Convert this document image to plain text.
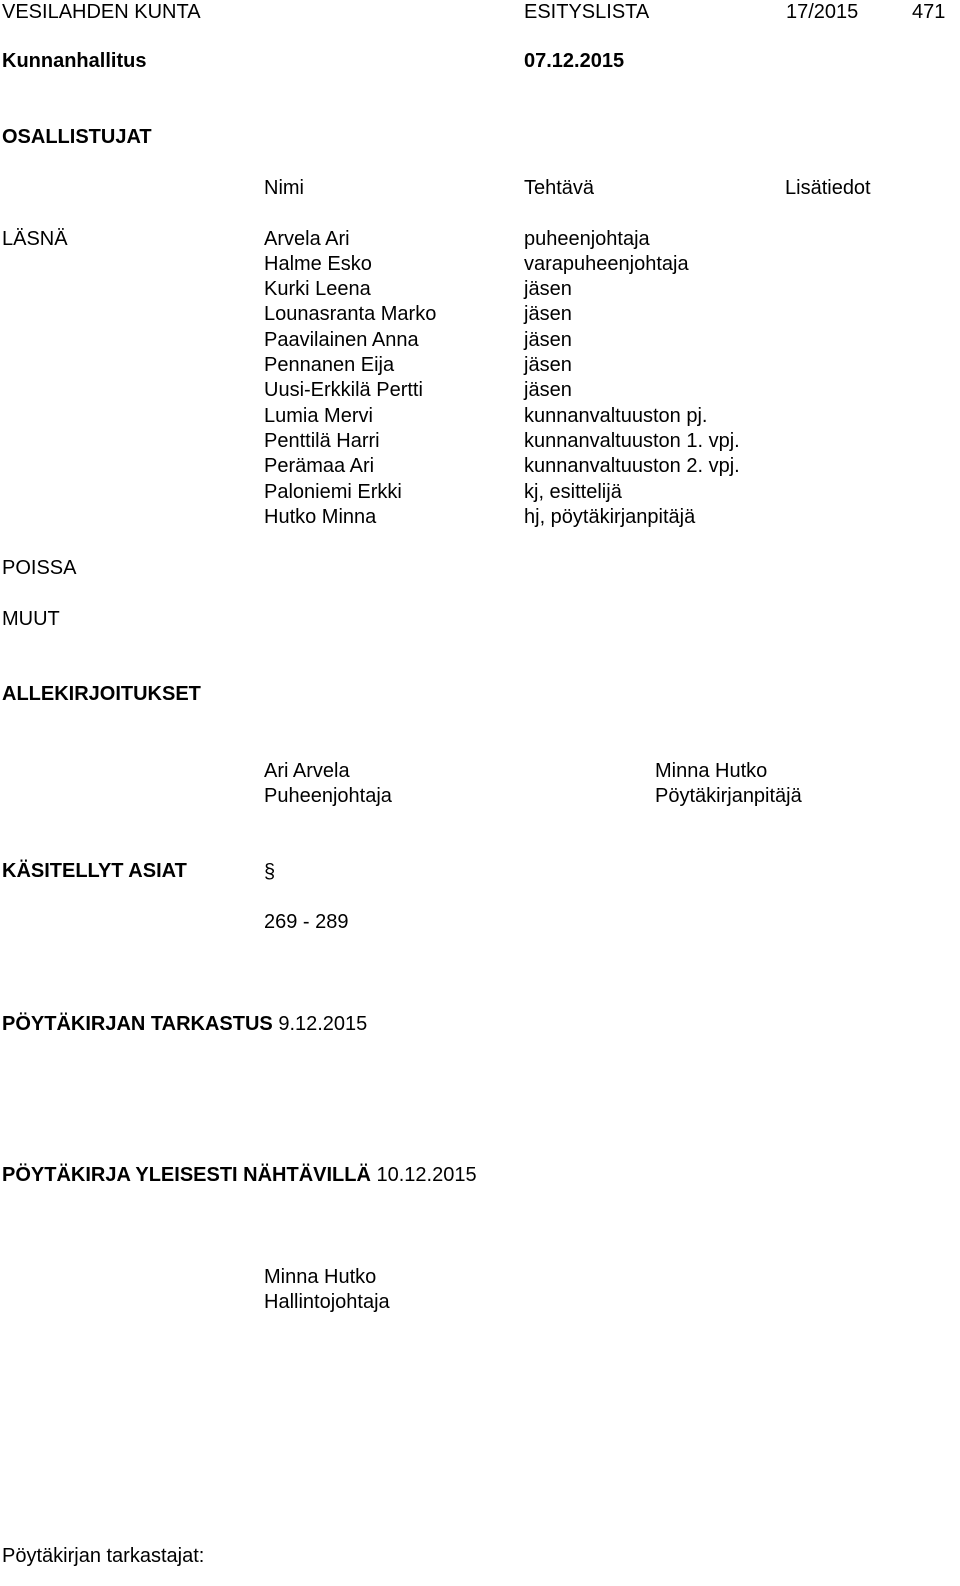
VESILAHDEN KUNTA	ESITYSLISTA	17/2015	471
Kunnanhallitus	07.12.2015
OSALLISTUJAT
Nimi	Tehtävä	Lisätiedot
LÄSNÄ	Arvela Ari	puheenjohtaja
Halme Esko	varapuheenjohtaja
Kurki Leena	jäsen
Lounasranta Marko	jäsen
Paavilainen Anna	jäsen
Pennanen Eija	jäsen
Uusi-Erkkilä Pertti	jäsen
Lumia Mervi	kunnanvaltuuston pj.
Penttilä Harri	kunnanvaltuuston 1. vpj.
Perämaa Ari	kunnanvaltuuston 2. vpj.
Paloniemi Erkki	kj, esittelijä
Hutko Minna	hj, pöytäkirjanpitäjä
POISSA
MUUT
ALLEKIRJOITUKSET
Ari Arvela
Puheenjohtaja
Minna Hutko
Pöytäkirjanpitäjä
KÄSITELLYT ASIAT	§
269 - 289
PÖYTÄKIRJAN TARKASTUS 9.12.2015
PÖYTÄKIRJA YLEISESTI NÄHTÄVILLÄ 10.12.2015
Minna Hutko
Hallintojohtaja
Pöytäkirjan tarkastajat:
